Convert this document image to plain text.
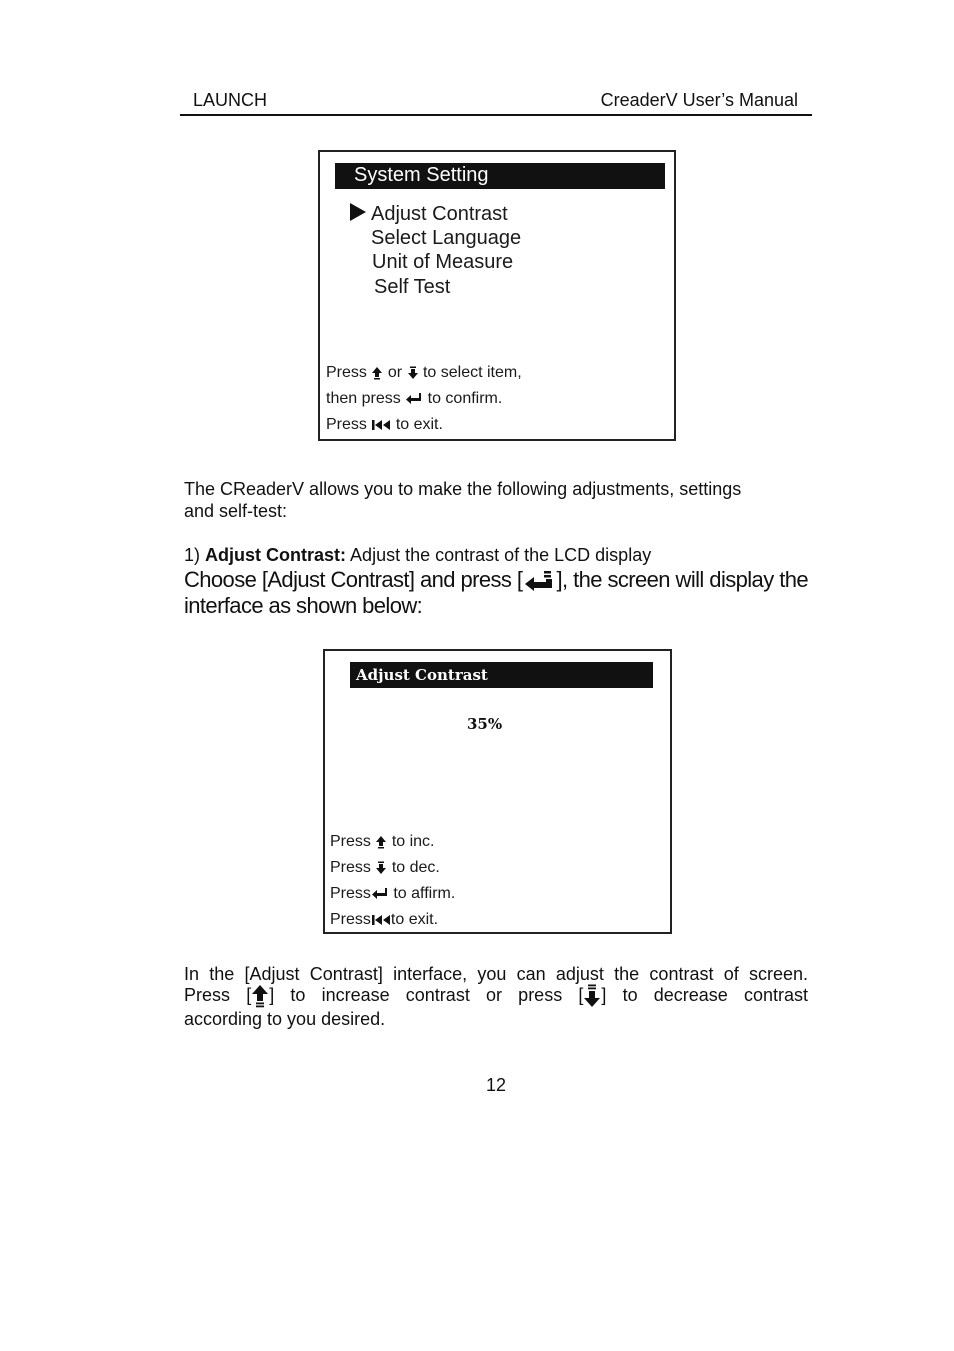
LAUNCH	CreaderV User’s Manual
System Setting
Adjust Contrast
Select Language
Unit of Measure
Self Test
Press or to select item,
then press to confirm.
Press to exit.
The CReaderV allows you to make the following adjustments, settings
and self-test:
1) Adjust Contrast: Adjust the contrast of the LCD display
Choose [Adjust Contrast] and press [ ], the screen will display the
interface as shown below:
Adjust Contrast
35%
Press to inc.
Press to dec.
Press to affirm.
Press to exit.
In the [Adjust Contrast] interface, you can adjust the contrast of screen.
Press [ ] to increase contrast or press [ ] to decrease contrast
according to you desired.
12
